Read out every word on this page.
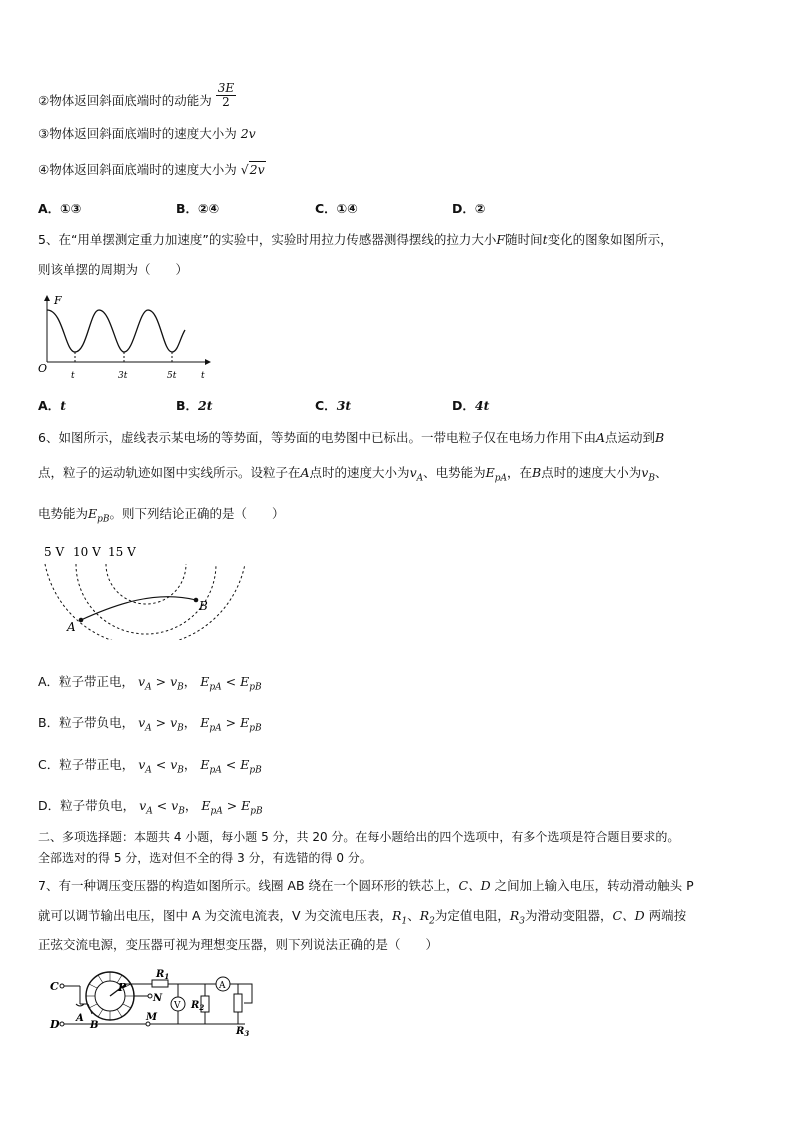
②物体返回斜面底端时的动能为 $\frac{3E}{2}$
③物体返回斜面底端时的速度大小为 2v
④物体返回斜面底端时的速度大小为 √2v
A．①③	B．②④	C．①④	D．②
5、在“用单摆测定重力加速度”的实验中，实验时用拉力传感器测得摆线的拉力大小F随时间t变化的图象如图所示，
则该单摆的周期为（　　）
F
O
t	3t	5t	t
A．t	B．2t	C．3t	D．4t
6、如图所示，虚线表示某电场的等势面，等势面的电势图中已标出。一带电粒子仅在电场力作用下由A点运动到B
点，粒子的运动轨迹如图中实线所示。设粒子在A点时的速度大小为$v_A$、电势能为$E_{pA}$，在B点时的速度大小为$v_B$、
电势能为$E_{pB}$。则下列结论正确的是（　　）
5 V 10 V 15 V
A
B
A．粒子带正电， $v_A > v_B$， $E_{pA} < E_{pB}$
B．粒子带负电， $v_A > v_B$， $E_{pA} > E_{pB}$
C．粒子带正电， $v_A < v_B$， $E_{pA} < E_{pB}$
D．粒子带负电， $v_A < v_B$， $E_{pA} > E_{pB}$
二、多项选择题：本题共 4 小题，每小题 5 分，共 20 分。在每小题给出的四个选项中，有多个选项是符合题目要求的。
全部选对的得 5 分，选对但不全的得 3 分，有选错的得 0 分。
7、有一种调压变压器的构造如图所示。线圈 AB 绕在一个圆环形的铁芯上，C、D 之间加上输入电压，转动滑动触头 P
就可以调节输出电压，图中 A 为交流电流表，V 为交流电压表，$R_1$、$R_2$为定值电阻，$R_3$为滑动变阻器，C、D 两端按
正弦交流电源，变压器可视为理想变压器，则下列说法正确的是（　　）
C
D A
B
P
N
M
$R_1$
V $R_2$
A
$R_3$
